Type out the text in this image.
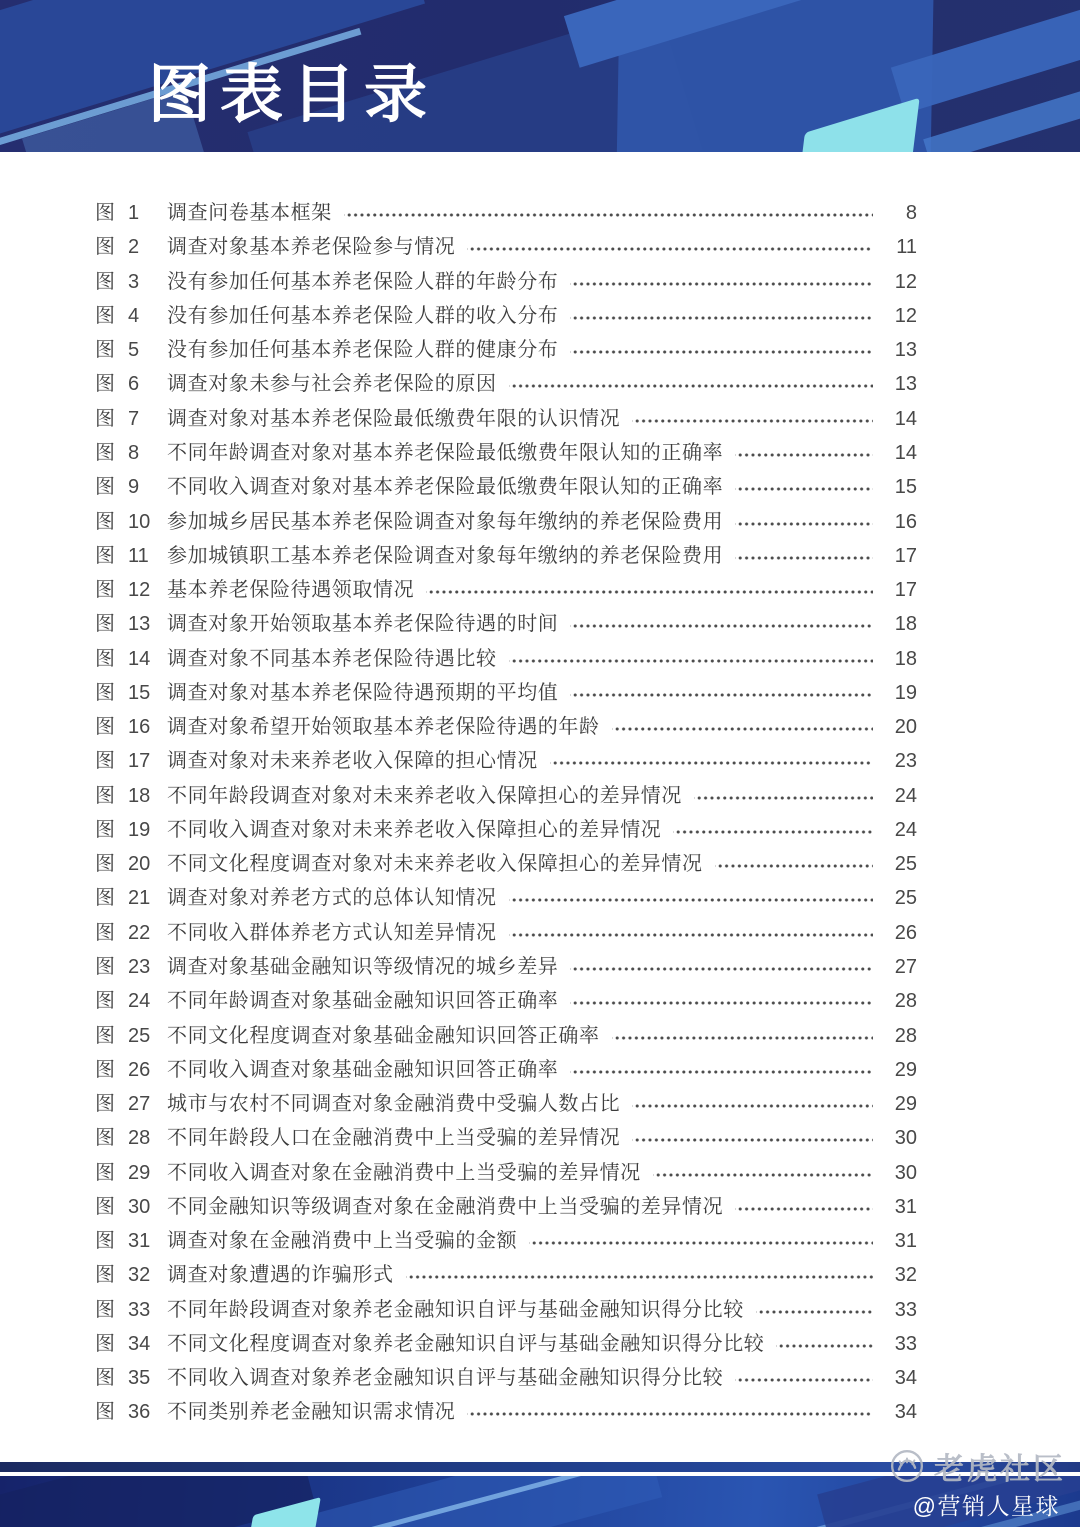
图表目录
图 1	调查问卷基本框架	8
图 2	调查对象基本养老保险参与情况	11
图 3	没有参加任何基本养老保险人群的年龄分布	12
图 4	没有参加任何基本养老保险人群的收入分布	12
图 5	没有参加任何基本养老保险人群的健康分布	13
图 6	调查对象未参与社会养老保险的原因	13
图 7	调查对象对基本养老保险最低缴费年限的认识情况	14
图 8	不同年龄调查对象对基本养老保险最低缴费年限认知的正确率	14
图 9	不同收入调查对象对基本养老保险最低缴费年限认知的正确率	15
图 10 参加城乡居民基本养老保险调查对象每年缴纳的养老保险费用	16
图 11 参加城镇职工基本养老保险调查对象每年缴纳的养老保险费用	17
图 12 基本养老保险待遇领取情况	17
图 13 调查对象开始领取基本养老保险待遇的时间	18
图 14 调查对象不同基本养老保险待遇比较	18
图 15 调查对象对基本养老保险待遇预期的平均值	19
图 16 调查对象希望开始领取基本养老保险待遇的年龄	20
图 17 调查对象对未来养老收入保障的担心情况	23
图 18 不同年龄段调查对象对未来养老收入保障担心的差异情况	24
图 19 不同收入调查对象对未来养老收入保障担心的差异情况	24
图 20 不同文化程度调查对象对未来养老收入保障担心的差异情况	25
图 21 调查对象对养老方式的总体认知情况	25
图 22 不同收入群体养老方式认知差异情况	26
图 23 调查对象基础金融知识等级情况的城乡差异	27
图 24 不同年龄调查对象基础金融知识回答正确率	28
图 25 不同文化程度调查对象基础金融知识回答正确率	28
图 26 不同收入调查对象基础金融知识回答正确率	29
图 27 城市与农村不同调查对象金融消费中受骗人数占比	29
图 28 不同年龄段人口在金融消费中上当受骗的差异情况	30
图 29 不同收入调查对象在金融消费中上当受骗的差异情况	30
图 30 不同金融知识等级调查对象在金融消费中上当受骗的差异情况	31
图 31 调查对象在金融消费中上当受骗的金额	31
图 32 调查对象遭遇的诈骗形式	32
图 33 不同年龄段调查对象养老金融知识自评与基础金融知识得分比较	33
图 34 不同文化程度调查对象养老金融知识自评与基础金融知识得分比较	33
图 35 不同收入调查对象养老金融知识自评与基础金融知识得分比较	34
图 36 不同类别养老金融知识需求情况	34
老虎社区
@营销人星球
